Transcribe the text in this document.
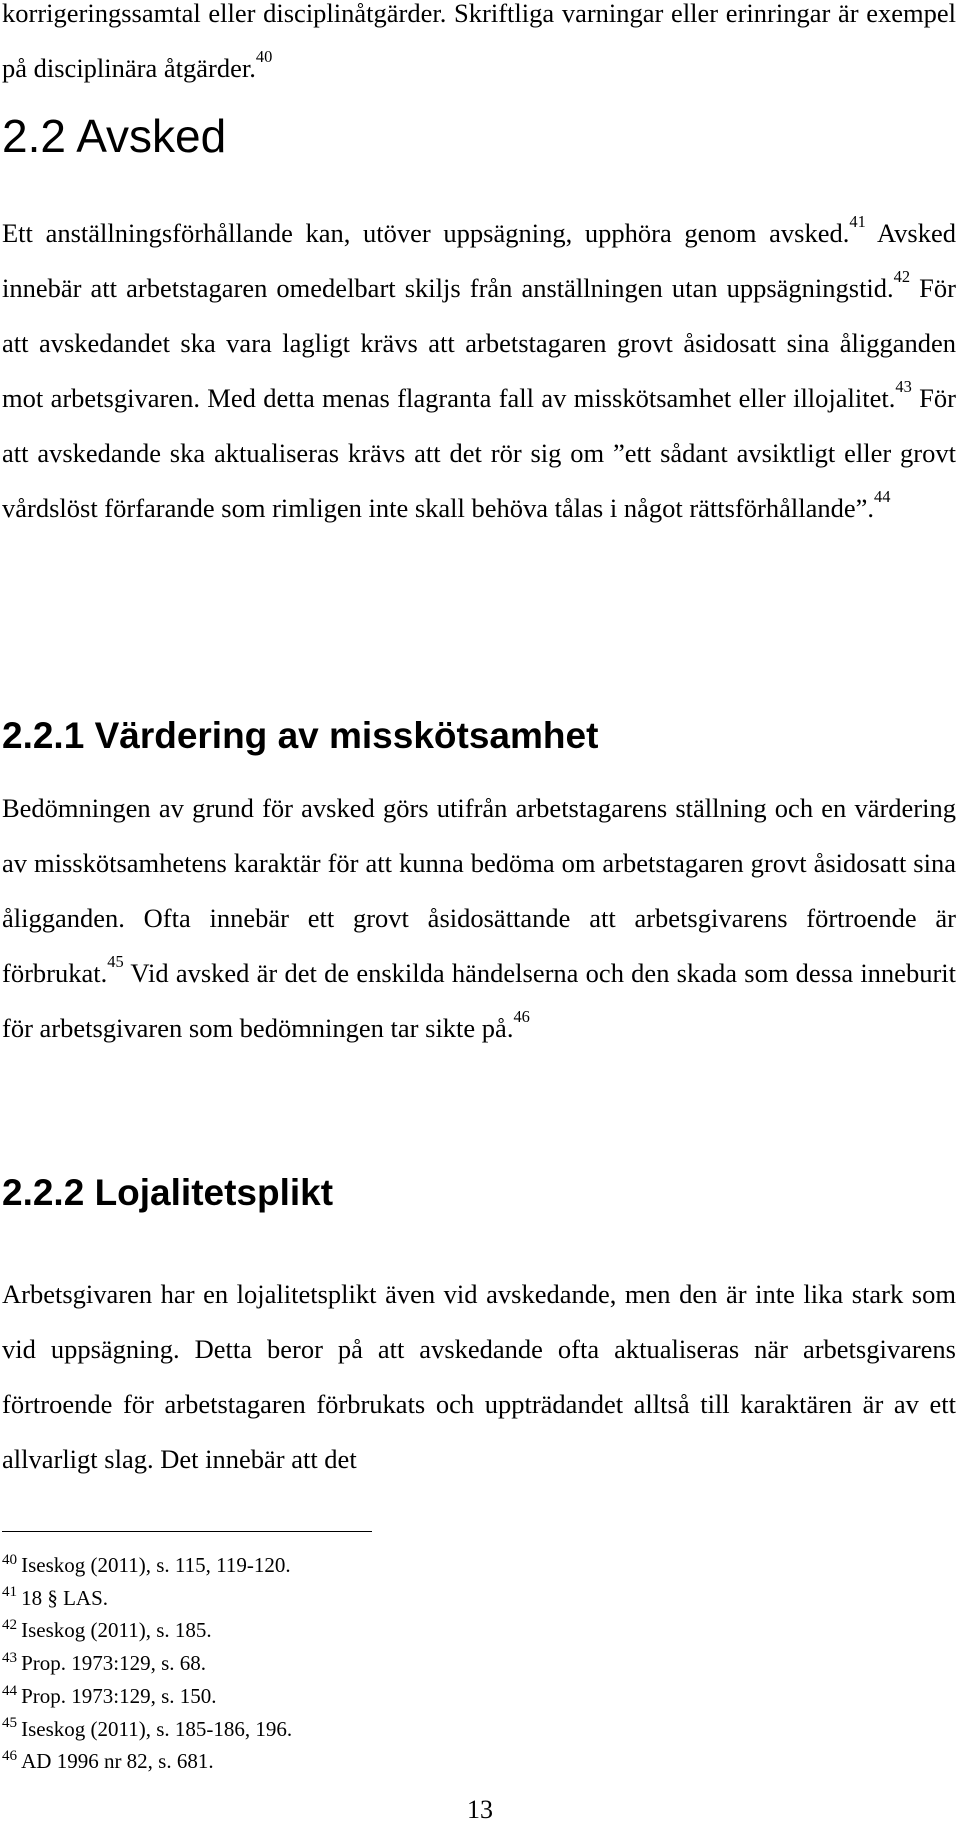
korrigeringssamtal eller disciplinåtgärder. Skriftliga varningar eller erinringar är exempel på disciplinära åtgärder.$^{40}$

2.2 Avsked

Ett anställningsförhållande kan, utöver uppsägning, upphöra genom avsked.$^{41}$ Avsked innebär att arbetstagaren omedelbart skiljs från anställningen utan uppsägningstid.$^{42}$ För att avskedandet ska vara lagligt krävs att arbetstagaren grovt åsidosatt sina åligganden mot arbetsgivaren. Med detta menas flagranta fall av misskötsamhet eller illojalitet.$^{43}$ För att avskedande ska aktualiseras krävs att det rör sig om ”ett sådant avsiktligt eller grovt vårdslöst förfarande som rimligen inte skall behöva tålas i något rättsförhållande”.$^{44}$

2.2.1 Värdering av misskötsamhet

Bedömningen av grund för avsked görs utifrån arbetstagarens ställning och en värdering av misskötsamhetens karaktär för att kunna bedöma om arbetstagaren grovt åsidosatt sina åligganden. Ofta innebär ett grovt åsidosättande att arbetsgivarens förtroende är förbrukat.$^{45}$ Vid avsked är det de enskilda händelserna och den skada som dessa inneburit för arbetsgivaren som bedömningen tar sikte på.$^{46}$

2.2.2 Lojalitetsplikt

Arbetsgivaren har en lojalitetsplikt även vid avskedande, men den är inte lika stark som vid uppsägning. Detta beror på att avskedande ofta aktualiseras när arbetsgivarens förtroende för arbetstagaren förbrukats och uppträdandet alltså till karaktären är av ett allvarligt slag. Det innebär att det

$^{40}$ Iseskog (2011), s. 115, 119-120.
$^{41}$ 18 § LAS.
$^{42}$ Iseskog (2011), s. 185.
$^{43}$ Prop. 1973:129, s. 68.
$^{44}$ Prop. 1973:129, s. 150.
$^{45}$ Iseskog (2011), s. 185-186, 196.
$^{46}$ AD 1996 nr 82, s. 681.
13
